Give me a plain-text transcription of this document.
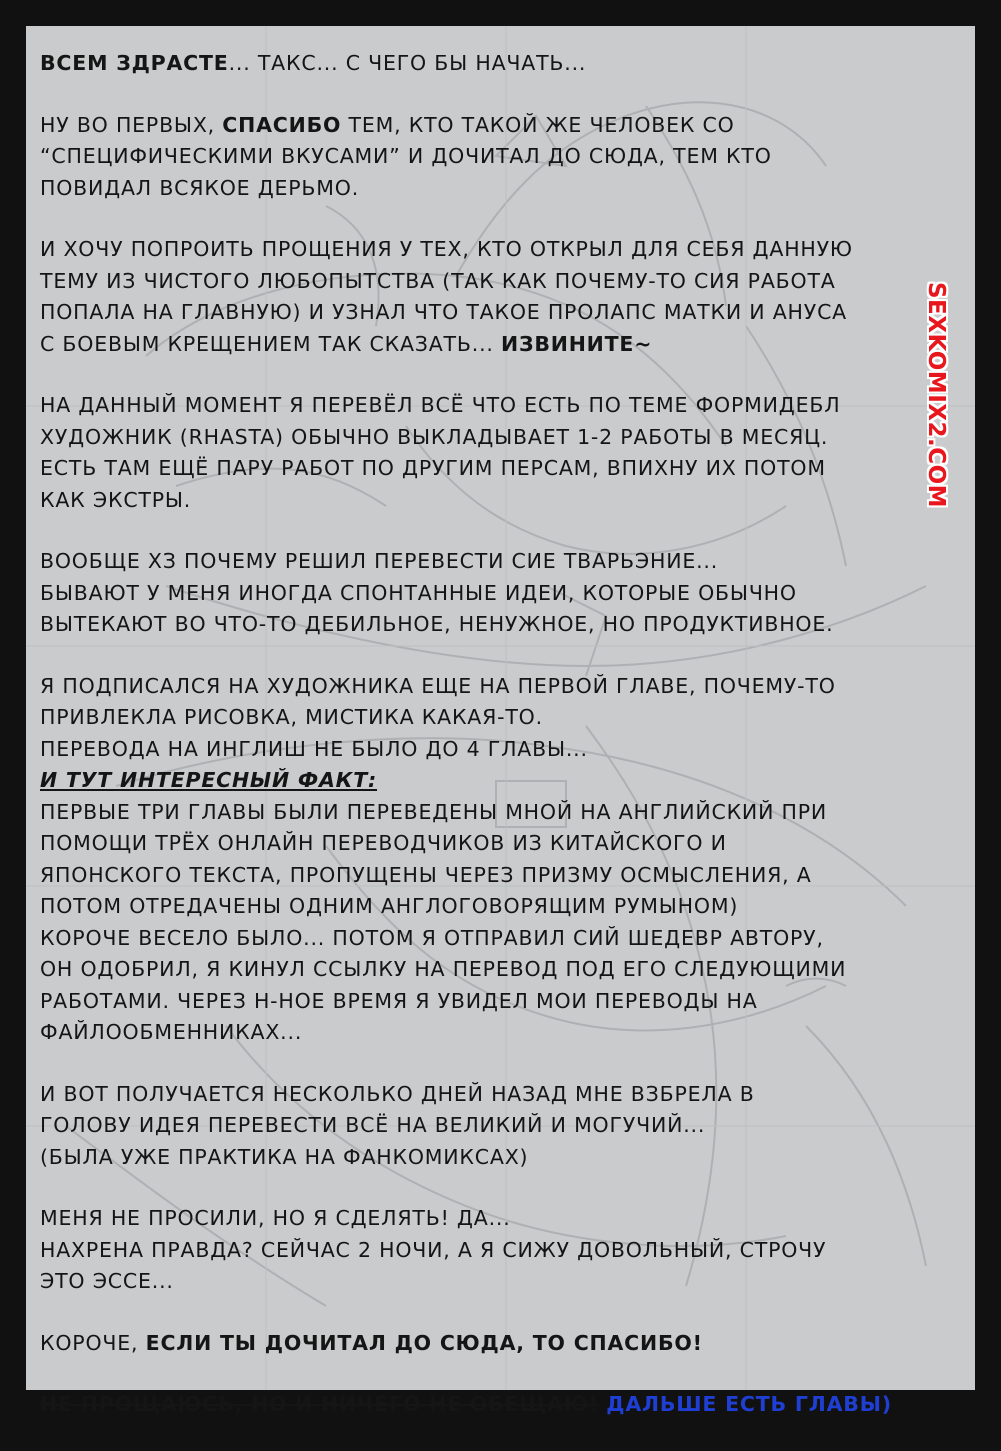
ВСЕМ ЗДРАСТЕ... ТАКС... С ЧЕГО БЫ НАЧАТЬ...

НУ ВО ПЕРВЫХ, СПАСИБО ТЕМ, КТО ТАКОЙ ЖЕ ЧЕЛОВЕК СО
“СПЕЦИФИЧЕСКИМИ ВКУСАМИ” И ДОЧИТАЛ ДО СЮДА, ТЕМ КТО
ПОВИДАЛ ВСЯКОЕ ДЕРЬМО.

И ХОЧУ ПОПРОИТЬ ПРОЩЕНИЯ У ТЕХ, КТО ОТКРЫЛ ДЛЯ СЕБЯ ДАННУЮ
ТЕМУ ИЗ ЧИСТОГО ЛЮБОПЫТСТВА (ТАК КАК ПОЧЕМУ-ТО СИЯ РАБОТА
ПОПАЛА НА ГЛАВНУЮ) И УЗНАЛ ЧТО ТАКОЕ ПРОЛАПС МАТКИ И АНУСА
С БОЕВЫМ КРЕЩЕНИЕМ ТАК СКАЗАТЬ... ИЗВИНИТЕ~

НА ДАННЫЙ МОМЕНТ Я ПЕРЕВЁЛ ВСЁ ЧТО ЕСТЬ ПО ТЕМЕ ФОРМИДЕБЛ
ХУДОЖНИК (RHASTA) ОБЫЧНО ВЫКЛАДЫВАЕТ 1-2 РАБОТЫ В МЕСЯЦ.
ЕСТЬ ТАМ ЕЩЁ ПАРУ РАБОТ ПО ДРУГИМ ПЕРСАМ, ВПИХНУ ИХ ПОТОМ
КАК ЭКСТРЫ.

ВООБЩЕ ХЗ ПОЧЕМУ РЕШИЛ ПЕРЕВЕСТИ СИЕ ТВАРЬЭНИЕ...
БЫВАЮТ У МЕНЯ ИНОГДА СПОНТАННЫЕ ИДЕИ, КОТОРЫЕ ОБЫЧНО
ВЫТЕКАЮТ ВО ЧТО-ТО ДЕБИЛЬНОЕ, НЕНУЖНОЕ, НО ПРОДУКТИВНОЕ.

Я ПОДПИСАЛСЯ НА ХУДОЖНИКА ЕЩЕ НА ПЕРВОЙ ГЛАВЕ, ПОЧЕМУ-ТО
ПРИВЛЕКЛА РИСОВКА, МИСТИКА КАКАЯ-ТО.
ПЕРЕВОДА НА ИНГЛИШ НЕ БЫЛО ДО 4 ГЛАВЫ...
И ТУТ ИНТЕРЕСНЫЙ ФАКТ:
ПЕРВЫЕ ТРИ ГЛАВЫ БЫЛИ ПЕРЕВЕДЕНЫ МНОЙ НА АНГЛИЙСКИЙ ПРИ
ПОМОЩИ ТРЁХ ОНЛАЙН ПЕРЕВОДЧИКОВ ИЗ КИТАЙСКОГО И
ЯПОНСКОГО ТЕКСТА, ПРОПУЩЕНЫ ЧЕРЕЗ ПРИЗМУ ОСМЫСЛЕНИЯ, А
ПОТОМ ОТРЕДАЧЕНЫ ОДНИМ АНГЛОГОВОРЯЩИМ РУМЫНОМ)
КОРОЧЕ ВЕСЕЛО БЫЛО... ПОТОМ Я ОТПРАВИЛ СИЙ ШЕДЕВР АВТОРУ,
ОН ОДОБРИЛ, Я КИНУЛ ССЫЛКУ НА ПЕРЕВОД ПОД ЕГО СЛЕДУЮЩИМИ
РАБОТАМИ. ЧЕРЕЗ Н-НОЕ ВРЕМЯ Я УВИДЕЛ МОИ ПЕРЕВОДЫ НА
ФАЙЛООБМЕННИКАХ...

И ВОТ ПОЛУЧАЕТСЯ НЕСКОЛЬКО ДНЕЙ НАЗАД МНЕ ВЗБРЕЛА В
ГОЛОВУ ИДЕЯ ПЕРЕВЕСТИ ВСЁ НА ВЕЛИКИЙ И МОГУЧИЙ...
(БЫЛА УЖЕ ПРАКТИКА НА ФАНКОМИКСАХ)

МЕНЯ НЕ ПРОСИЛИ, НО Я СДЕЛЯТЬ! ДА...
НАХРЕНА ПРАВДА? СЕЙЧАС 2 НОЧИ, А Я СИЖУ ДОВОЛЬНЫЙ, СТРОЧУ
ЭТО ЭССЕ...

КОРОЧЕ, ЕСЛИ ТЫ ДОЧИТАЛ ДО СЮДА, ТО СПАСИБО!

НЕ ПРОЩАЮСЬ, НО И НИЧЕГО НЕ ОБЕЩАЮ! ДАЛЬШЕ ЕСТЬ ГЛАВЫ)

SEXKOMIX2.COM
